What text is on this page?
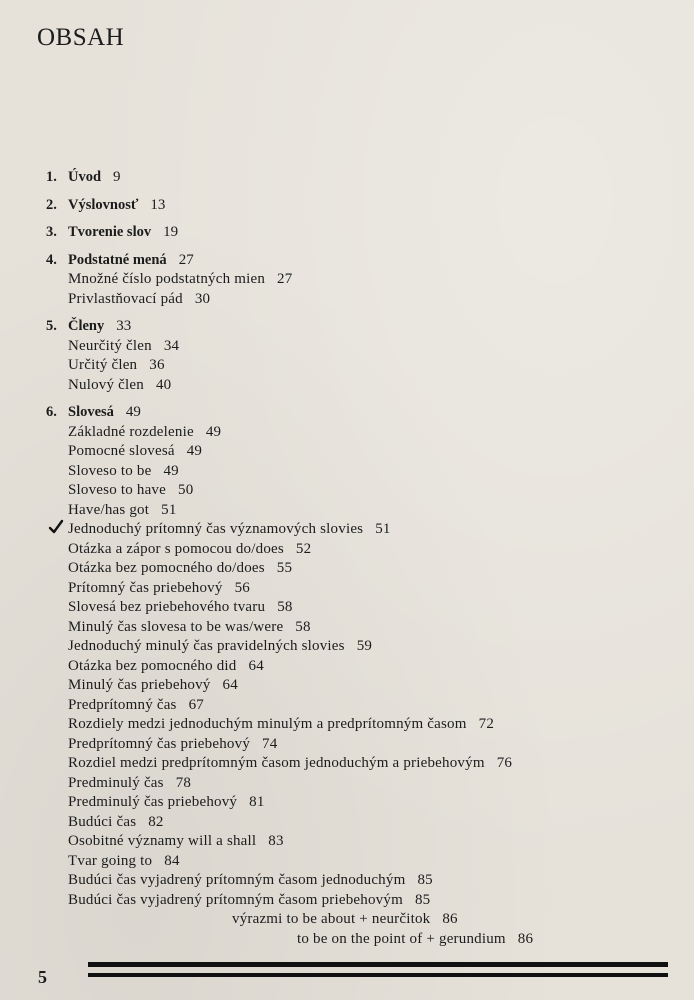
OBSAH
1. Úvod 9
2. Výslovnosť 13
3. Tvorenie slov 19
4. Podstatné mená 27
Množné číslo podstatných mien 27
Privlastňovací pád 30
5. Členy 33
Neurčitý člen 34
Určitý člen 36
Nulový člen 40
6. Slovesá 49
Základné rozdelenie 49
Pomocné slovesá 49
Sloveso to be 49
Sloveso to have 50
Have/has got 51
Jednoduchý prítomný čas významových slovies 51
Otázka a zápor s pomocou do/does 52
Otázka bez pomocného do/does 55
Prítomný čas priebehový 56
Slovesá bez priebehového tvaru 58
Minulý čas slovesa to be was/were 58
Jednoduchý minulý čas pravidelných slovies 59
Otázka bez pomocného did 64
Minulý čas priebehový 64
Predprítomný čas 67
Rozdiely medzi jednoduchým minulým a predprítomným časom 72
Predprítomný čas priebehový 74
Rozdiel medzi predprítomným časom jednoduchým a priebehovým 76
Predminulý čas 78
Predminulý čas priebehový 81
Budúci čas 82
Osobitné významy will a shall 83
Tvar going to 84
Budúci čas vyjadrený prítomným časom jednoduchým 85
Budúci čas vyjadrený prítomným časom priebehovým 85
výrazmi to be about + neurčitok 86
to be on the point of + gerundium 86
5
